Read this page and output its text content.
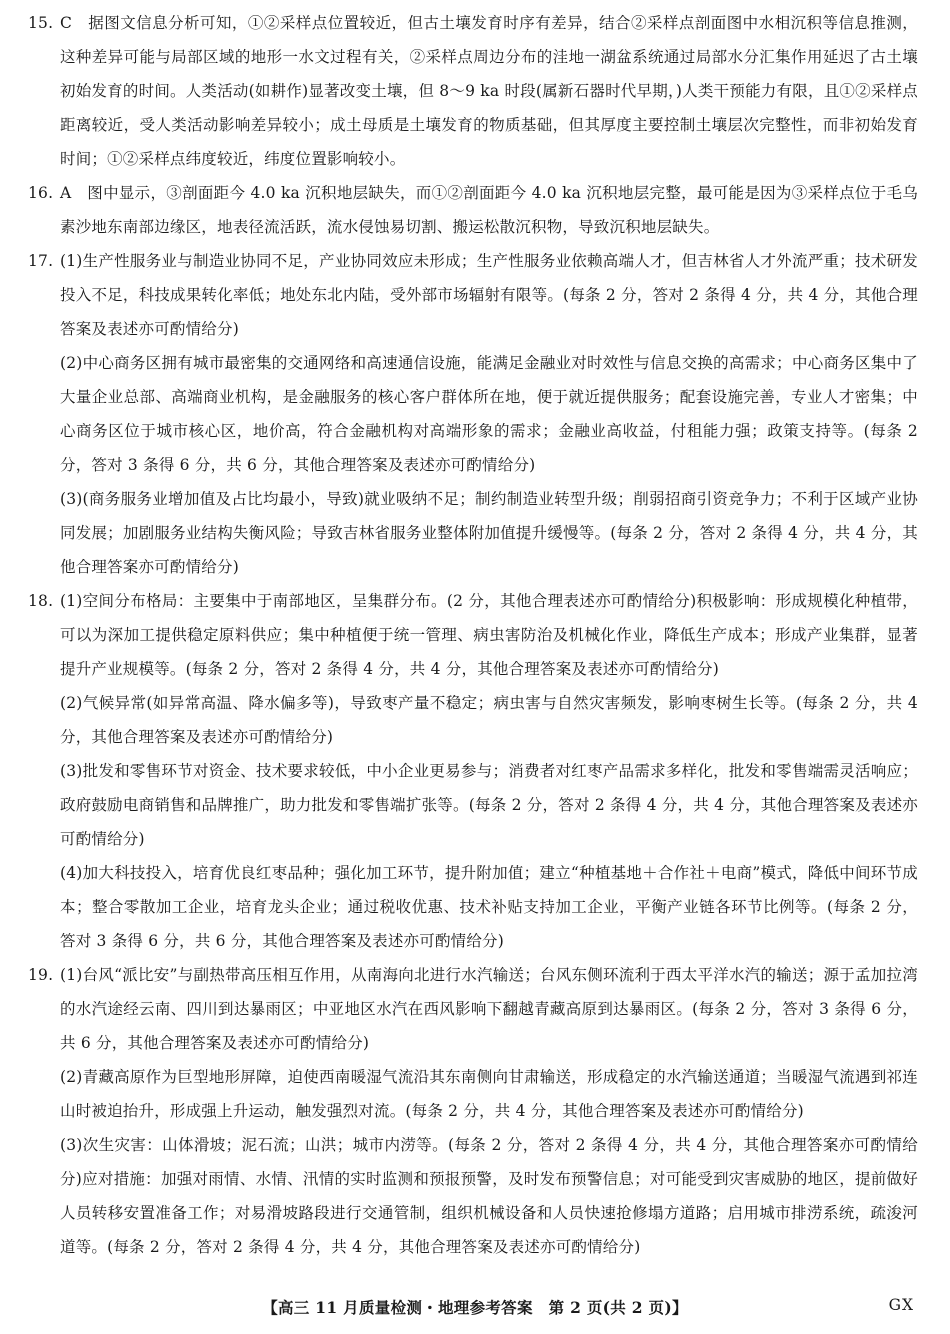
15. C　据图文信息分析可知，①②采样点位置较近，但古土壤发育时序有差异，结合②采样点剖面图中水相沉积等信息推测，这种差异可能与局部区域的地形一水文过程有关，②采样点周边分布的洼地一湖盆系统通过局部水分汇集作用延迟了古土壤初始发育的时间。人类活动(如耕作)显著改变土壤，但 8～9 ka 时段(属新石器时代早期，)人类干预能力有限，且①②采样点距离较近，受人类活动影响差异较小；成土母质是土壤发育的物质基础，但其厚度主要控制土壤层次完整性，而非初始发育时间；①②采样点纬度较近，纬度位置影响较小。

16. A　图中显示，③剖面距今 4.0 ka 沉积地层缺失，而①②剖面距今 4.0 ka 沉积地层完整，最可能是因为③采样点位于毛乌素沙地东南部边缘区，地表径流活跃，流水侵蚀易切割、搬运松散沉积物，导致沉积地层缺失。

17. (1)生产性服务业与制造业协同不足，产业协同效应未形成；生产性服务业依赖高端人才，但吉林省人才外流严重；技术研发投入不足，科技成果转化率低；地处东北内陆，受外部市场辐射有限等。(每条 2 分，答对 2 条得 4 分，共 4 分，其他合理答案及表述亦可酌情给分)

(2)中心商务区拥有城市最密集的交通网络和高速通信设施，能满足金融业对时效性与信息交换的高需求；中心商务区集中了大量企业总部、高端商业机构，是金融服务的核心客户群体所在地，便于就近提供服务；配套设施完善，专业人才密集；中心商务区位于城市核心区，地价高，符合金融机构对高端形象的需求；金融业高收益，付租能力强；政策支持等。(每条 2 分，答对 3 条得 6 分，共 6 分，其他合理答案及表述亦可酌情给分)

(3)(商务服务业增加值及占比均最小，导致)就业吸纳不足；制约制造业转型升级；削弱招商引资竞争力；不利于区域产业协同发展；加剧服务业结构失衡风险；导致吉林省服务业整体附加值提升缓慢等。(每条 2 分，答对 2 条得 4 分，共 4 分，其他合理答案亦可酌情给分)

18. (1)空间分布格局：主要集中于南部地区，呈集群分布。(2 分，其他合理表述亦可酌情给分)积极影响：形成规模化种植带，可以为深加工提供稳定原料供应；集中种植便于统一管理、病虫害防治及机械化作业，降低生产成本；形成产业集群，显著提升产业规模等。(每条 2 分，答对 2 条得 4 分，共 4 分，其他合理答案及表述亦可酌情给分)

(2)气候异常(如异常高温、降水偏多等)，导致枣产量不稳定；病虫害与自然灾害频发，影响枣树生长等。(每条 2 分，共 4 分，其他合理答案及表述亦可酌情给分)

(3)批发和零售环节对资金、技术要求较低，中小企业更易参与；消费者对红枣产品需求多样化，批发和零售端需灵活响应；政府鼓励电商销售和品牌推广，助力批发和零售端扩张等。(每条 2 分，答对 2 条得 4 分，共 4 分，其他合理答案及表述亦可酌情给分)

(4)加大科技投入，培育优良红枣品种；强化加工环节，提升附加值；建立“种植基地＋合作社＋电商”模式，降低中间环节成本；整合零散加工企业，培育龙头企业；通过税收优惠、技术补贴支持加工企业，平衡产业链各环节比例等。(每条 2 分，答对 3 条得 6 分，共 6 分，其他合理答案及表述亦可酌情给分)

19. (1)台风“派比安”与副热带高压相互作用，从南海向北进行水汽输送；台风东侧环流利于西太平洋水汽的输送；源于孟加拉湾的水汽途经云南、四川到达暴雨区；中亚地区水汽在西风影响下翻越青藏高原到达暴雨区。(每条 2 分，答对 3 条得 6 分，共 6 分，其他合理答案及表述亦可酌情给分)

(2)青藏高原作为巨型地形屏障，迫使西南暖湿气流沿其东南侧向甘肃输送，形成稳定的水汽输送通道；当暖湿气流遇到祁连山时被迫抬升，形成强上升运动，触发强烈对流。(每条 2 分，共 4 分，其他合理答案及表述亦可酌情给分)

(3)次生灾害：山体滑坡；泥石流；山洪；城市内涝等。(每条 2 分，答对 2 条得 4 分，共 4 分，其他合理答案亦可酌情给分)应对措施：加强对雨情、水情、汛情的实时监测和预报预警，及时发布预警信息；对可能受到灾害威胁的地区，提前做好人员转移安置准备工作；对易滑坡路段进行交通管制，组织机械设备和人员快速抢修塌方道路；启用城市排涝系统，疏浚河道等。(每条 2 分，答对 2 条得 4 分，共 4 分，其他合理答案及表述亦可酌情给分)

【高三 11 月质量检测・地理参考答案　第 2 页(共 2 页)】	GX
